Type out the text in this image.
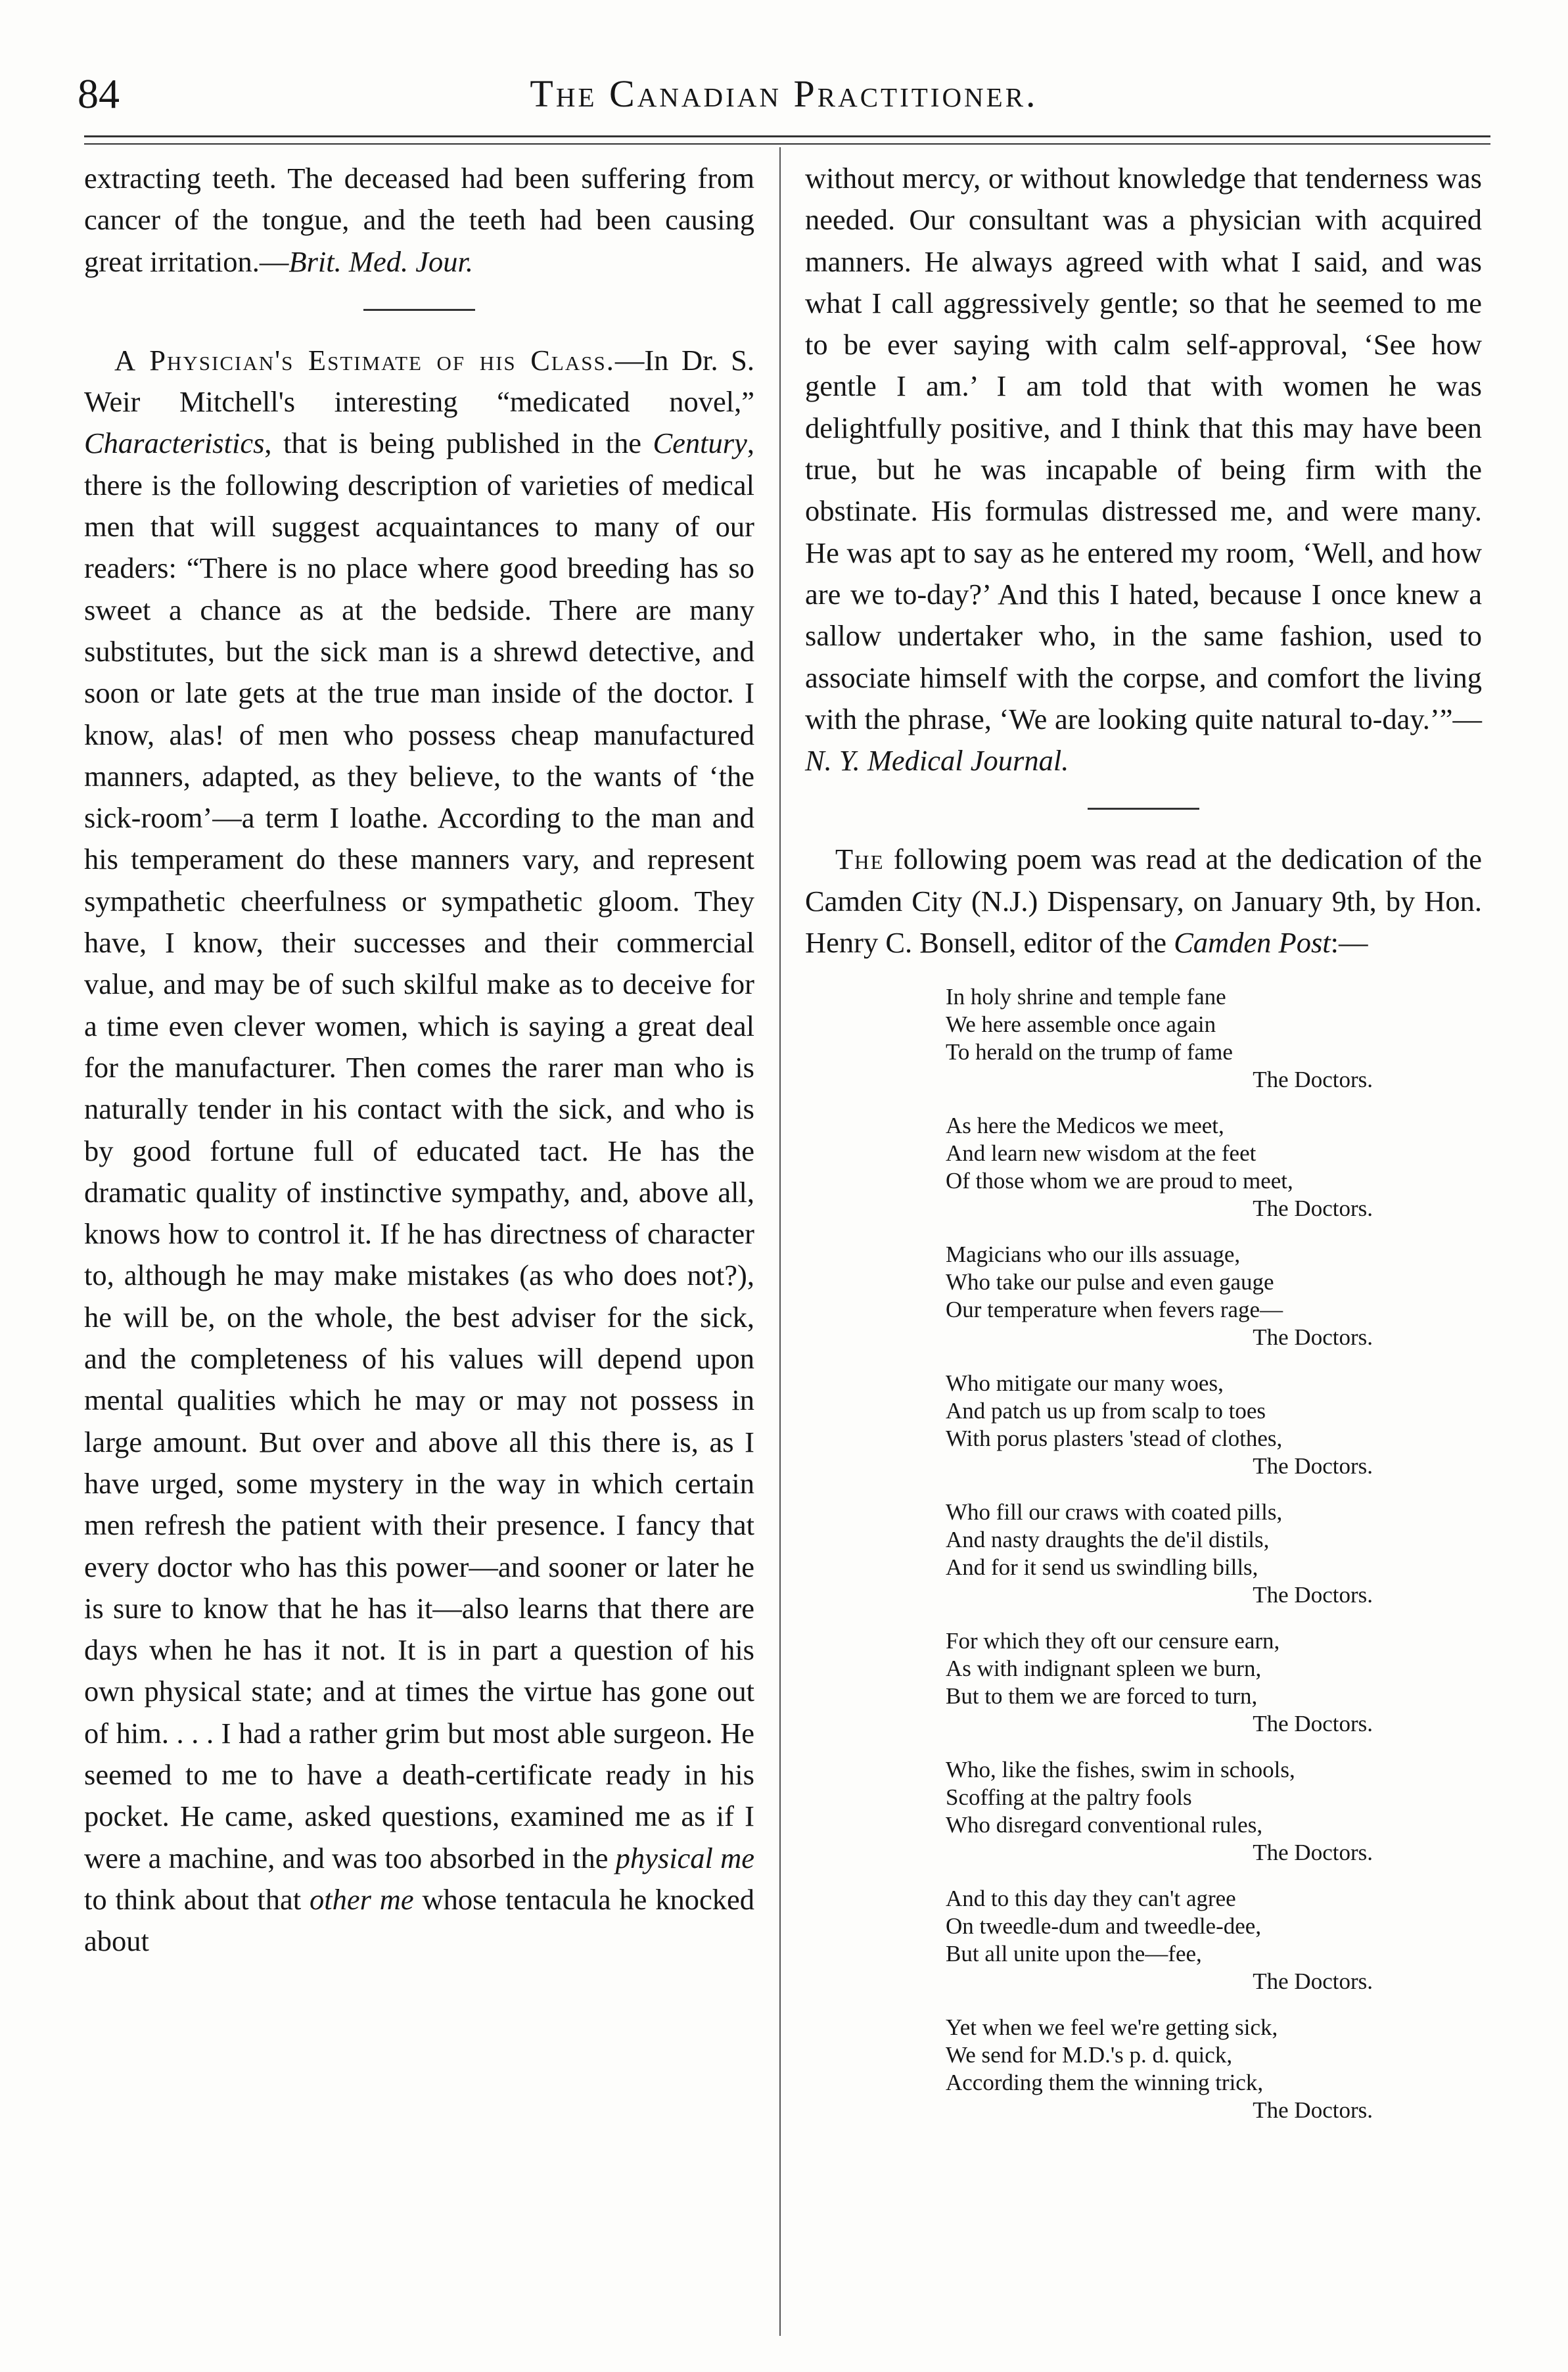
84	The Canadian Practitioner.

extracting teeth. The deceased had been suffering from cancer of the tongue, and the teeth had been causing great irritation.—Brit. Med. Jour.

A Physician's Estimate of his Class.—In Dr. S. Weir Mitchell's interesting “medicated novel,” Characteristics, that is being published in the Century, there is the following description of varieties of medical men that will suggest acquaintances to many of our readers: “There is no place where good breeding has so sweet a chance as at the bedside. There are many substitutes, but the sick man is a shrewd detective, and soon or late gets at the true man inside of the doctor. I know, alas! of men who possess cheap manufactured manners, adapted, as they believe, to the wants of ‘the sick-room’—a term I loathe. According to the man and his temperament do these manners vary, and represent sympathetic cheerfulness or sympathetic gloom. They have, I know, their successes and their commercial value, and may be of such skilful make as to deceive for a time even clever women, which is saying a great deal for the manufacturer. Then comes the rarer man who is naturally tender in his contact with the sick, and who is by good fortune full of educated tact. He has the dramatic quality of instinctive sympathy, and, above all, knows how to control it. If he has directness of character to, although he may make mistakes (as who does not?), he will be, on the whole, the best adviser for the sick, and the completeness of his values will depend upon mental qualities which he may or may not possess in large amount. But over and above all this there is, as I have urged, some mystery in the way in which certain men refresh the patient with their presence. I fancy that every doctor who has this power—and sooner or later he is sure to know that he has it—also learns that there are days when he has it not. It is in part a question of his own physical state; and at times the virtue has gone out of him. . . . I had a rather grim but most able surgeon. He seemed to me to have a death-certificate ready in his pocket. He came, asked questions, examined me as if I were a machine, and was too absorbed in the physical me to think about that other me whose tentacula he knocked about

without mercy, or without knowledge that tenderness was needed. Our consultant was a physician with acquired manners. He always agreed with what I said, and was what I call aggressively gentle; so that he seemed to me to be ever saying with calm self-approval, ‘See how gentle I am.’ I am told that with women he was delightfully positive, and I think that this may have been true, but he was incapable of being firm with the obstinate. His formulas distressed me, and were many. He was apt to say as he entered my room, ‘Well, and how are we to-day?’ And this I hated, because I once knew a sallow undertaker who, in the same fashion, used to associate himself with the corpse, and comfort the living with the phrase, ‘We are looking quite natural to-day.’”—N. Y. Medical Journal.

The following poem was read at the dedication of the Camden City (N.J.) Dispensary, on January 9th, by Hon. Henry C. Bonsell, editor of the Camden Post:—

In holy shrine and temple fane
We here assemble once again
To herald on the trump of fame
The Doctors.
As here the Medicos we meet,
And learn new wisdom at the feet
Of those whom we are proud to meet,
The Doctors.
Magicians who our ills assuage,
Who take our pulse and even gauge
Our temperature when fevers rage—
The Doctors.
Who mitigate our many woes,
And patch us up from scalp to toes
With porus plasters 'stead of clothes,
The Doctors.
Who fill our craws with coated pills,
And nasty draughts the de'il distils,
And for it send us swindling bills,
The Doctors.
For which they oft our censure earn,
As with indignant spleen we burn,
But to them we are forced to turn,
The Doctors.
Who, like the fishes, swim in schools,
Scoffing at the paltry fools
Who disregard conventional rules,
The Doctors.
And to this day they can't agree
On tweedle-dum and tweedle-dee,
But all unite upon the—fee,
The Doctors.
Yet when we feel we're getting sick,
We send for M.D.'s p. d. quick,
According them the winning trick,
The Doctors.
